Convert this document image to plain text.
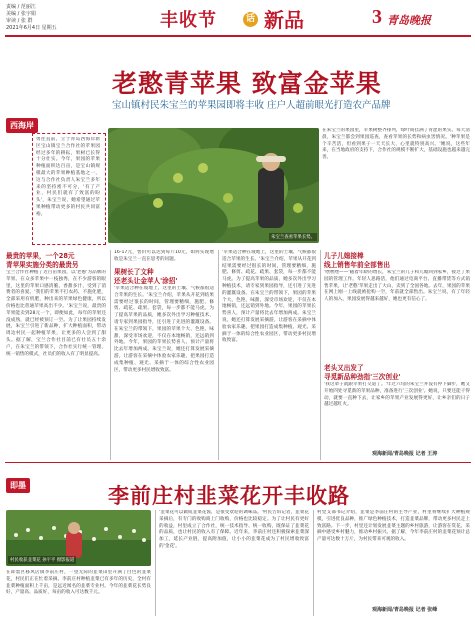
责编 / 范丽江
美编 / 张宇娟
审读 / 张 群
2021年6月4日 星期五	丰收节	话 新品	3 青岛晚报
西海岸
老憨青苹果 致富金苹果
宝山镇村民朱宝兰的苹果园即将丰收 庄户人超前眼光打造农产品牌
勇往直前，立于青岛西海岸新区宝山镇宝兰合作社的苹果园经过多年的耕耘，果树已长得十分壮实。今年，果园的苹果种植面积达百亩，是宝山镇规模最大的苹果种植基地之一，这与合作社负责人朱宝兰多年来的坚持密不可分，'有了产业，村民们就有了致富的盼头'，朱宝兰说，她希望通过苹果种植带动更多的村民共同富裕。
朱宝兰查看苹果长势。
在朱宝兰的果园里，苹果树整齐排列，绿叶间挂满了青涩的果实。每天清晨，朱宝兰都会到果园巡查，查看苹果的长势和病虫害情况。'种苹果是个辛苦活，但看到果子一天天长大，心里就特别高兴。'她说，这些年来，在当地政府的支持下，合作社的规模不断扩大，基础设施也越来越完善。
最贵的苹果，一个28元
青苹果实施分类的最贵另
宝兰合作社种植了近百亩果园，以'老憨'为品牌的苹果、在众多苹果中一枝独秀，在不少游客的眼里，这里的苹果口感清脆、香甜多汁，受到了消费者的喜爱。'我们的苹果不打农药、不施化肥，全部采用有机肥，种出来的苹果绿色健康，所以价格也比普通苹果高出不少。'朱宝兰说，最贵的苹果能卖到28元一个，即便如此，每年的苹果还没成熟，就已经被预订一空。为了让果园持续发展，朱宝兰引进了新品种，扩大种植面积，带动周边村民一起种植苹果，让更多的人尝到了甜头。据了解，宝兰合作社目前已有社员五十余户，在朱宝兰的带领下，合作社实行统一管理、统一销售的模式，社员们的收入有了明显提高。
16-17元，售价可以达到每斤10元，如何实现增收是朱宝兰一直在思考的问题。
果树长了文种
还老头让金苹人'涂招'
'苹果适合种在坡地上，这里的土壤、气候都很适合苹果的生长。'朱宝兰介绍，苹果从开花到结果需要经过很长的时间，管理要精细，施肥、修剪、疏花、疏果、套袋，每一步都不能马虎。为了提高苹果的品质，她多次外出学习种植技术，请专家到果园指导，还引进了先进的灌溉设备。在朱宝兰的带领下，果园的苹果个大、色艳、味甜，深受市场欢迎，不仅在本地畅销，还远销到外地。今年，果园的苹果长势喜人，预计产量将比去年增加两成。朱宝兰说，她还打算发展采摘游，让游客在采摘中体验农家乐趣，把果园打造成集种植、观光、采摘于一体的综合性农业园区，带动更多村民增收致富。
'苹果适合种在坡地上，这里的土壤、气候都很适合苹果的生长。'朱宝兰介绍，苹果从开花到结果需要经过很长的时间，管理要精细，施肥、修剪、疏花、疏果、套袋，每一步都不能马虎。为了提高苹果的品质，她多次外出学习种植技术，请专家到果园指导，还引进了先进的灌溉设备。在朱宝兰的带领下，果园的苹果个大、色艳、味甜，深受市场欢迎，不仅在本地畅销，还远销到外地。今年，果园的苹果长势喜人，预计产量将比去年增加两成。朱宝兰说，她还打算发展采摘游，让游客在采摘中体验农家乐趣，把果园打造成集种植、观光、采摘于一体的综合性农业园区，带动更多村民增收致富。
儿子儿媳接棒
线上销售年前全部售出
'嘿嘿嘿——'随着年龄的增长，朱宝兰的儿子和儿媳回到家乡，接过了果园的管理工作。年轻人思路活，他们通过电商平台、直播带货等方式销售苹果，让'老憨'苹果走出了大山，卖到了全国各地。去年，果园的苹果在网上刚一上线就被抢购一空，年前就全部售出。朱宝兰说，有了年轻人的加入，果园发展得越来越好，她也更有信心了。
老头又出发了
寻觅新品种劲指'三次创业'
'我这辈子就跟苹果打交道了。'年过六旬的朱宝兰并没有停下脚步，她又开始四处寻觅新的苹果品种，准备进行'三次创业'。她说，只要还能干得动，就要一直种下去，让家乡的苹果产业发展得更好，让乡亲们的日子越过越红火。
观海新闻/青岛晚报 记者 王涛
即墨	李前庄村韭菜花开丰收路
村民收获韭菜花 孙宇平 摄影报道
在即墨区移风店镇李前庄村，一望无际的韭菜田里开满了白色的韭菜花，村民们正在忙着采摘。李前庄村种植韭菜已有多年的历史，全村有韭菜种植面积上千亩，是远近闻名的韭菜专业村。今年的韭菜花长势良好，产量高、品质好，每亩的收入可达数千元。
'韭菜花可以做成韭菜花酱，是很受欢迎的调味品。'村民告诉记者，韭菜花采摘后，有专门的收购商上门收购，价格也比较稳定。为了让村民有更好的收益，村里成立了合作社，统一技术指导、统一收购，既保证了韭菜花的品质，也让村民的收入有了保障。近年来，李前庄村还积极探索韭菜深加工，延长产业链，提高附加值，让小小的韭菜花成为了村民增收致富的'金花'。
村党支部书记介绍，韭菜是李前庄村的主导产业，村里将继续扩大种植规模，引进优良品种，推广绿色种植技术，打造韭菜品牌，带动更多村民走上致富路。下一步，村里还计划发展韭菜主题的乡村旅游，让游客在赏花、采摘中感受乡村魅力，推动乡村振兴。据了解，今年李前庄村的韭菜花预计总产量可达数十万斤，为村民带来可观的收入。
观海新闻/青岛晚报 记者 张峰
